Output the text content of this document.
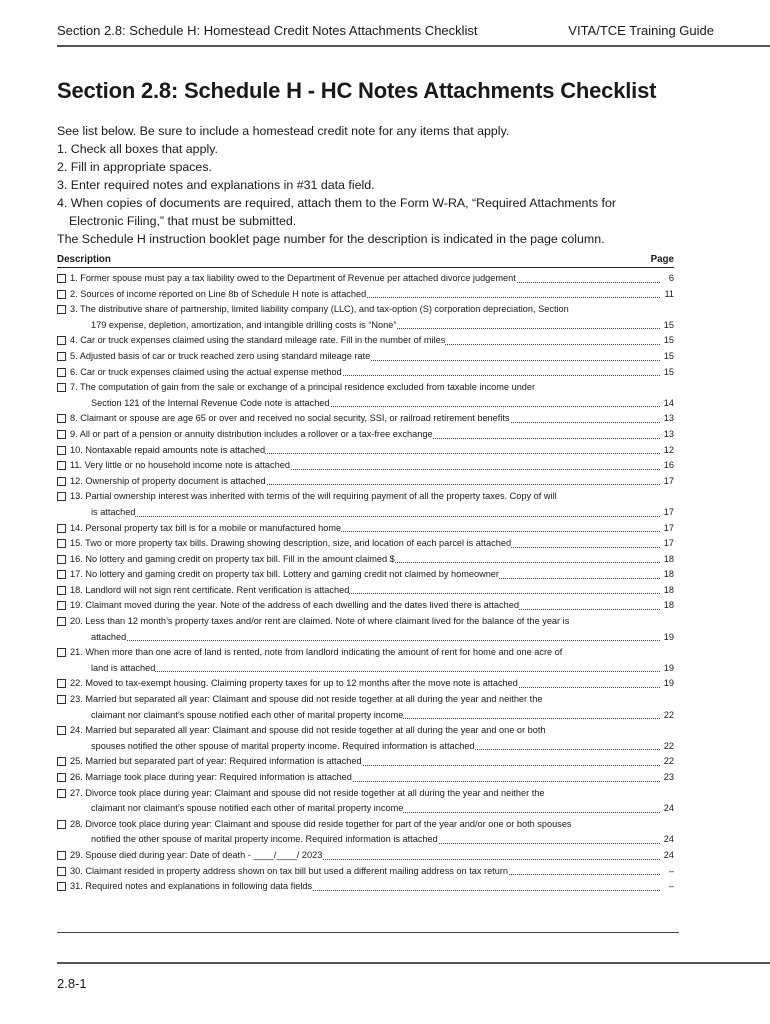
Section 2.8: Schedule H: Homestead Credit Notes Attachments Checklist	VITA/TCE Training Guide
Section 2.8: Schedule H - HC Notes Attachments Checklist
See list below. Be sure to include a homestead credit note for any items that apply.
1. Check all boxes that apply.
2. Fill in appropriate spaces.
3. Enter required notes and explanations in #31 data field.
4. When copies of documents are required, attach them to the Form W-RA, “Required Attachments for
Electronic Filing,” that must be submitted.
The Schedule H instruction booklet page number for the description is indicated in the page column.
Description	Page
1. Former spouse must pay a tax liability owed to the Department of Revenue per attached divorce judgement	6
2. Sources of income reported on Line 8b of Schedule H note is attached	11
3. The distributive share of partnership, limited liability company (LLC), and tax-option (S) corporation depreciation, Section
179 expense, depletion, amortization, and intangible drilling costs is “None”	15
4. Car or truck expenses claimed using the standard mileage rate. Fill in the number of miles	15
5. Adjusted basis of car or truck reached zero using standard mileage rate	15
6. Car or truck expenses claimed using the actual expense method	15
7. The computation of gain from the sale or exchange of a principal residence excluded from taxable income under
Section 121 of the Internal Revenue Code note is attached	14
8. Claimant or spouse are age 65 or over and received no social security, SSI, or railroad retirement benefits	13
9. All or part of a pension or annuity distribution includes a rollover or a tax-free exchange	13
10. Nontaxable repaid amounts note is attached	12
11. Very little or no household income note is attached	16
12. Ownership of property document is attached	17
13. Partial ownership interest was inherited with terms of the will requiring payment of all the property taxes. Copy of will
is attached	17
14. Personal property tax bill is for a mobile or manufactured home	17
15. Two or more property tax bills. Drawing showing description, size, and location of each parcel is attached	17
16. No lottery and gaming credit on property tax bill. Fill in the amount claimed $	18
17. No lottery and gaming credit on property tax bill. Lottery and gaming credit not claimed by homeowner	18
18. Landlord will not sign rent certificate. Rent verification is attached	18
19. Claimant moved during the year. Note of the address of each dwelling and the dates lived there is attached	18
20. Less than 12 month’s property taxes and/or rent are claimed. Note of where claimant lived for the balance of the year is
attached	19
21. When more than one acre of land is rented, note from landlord indicating the amount of rent for home and one acre of
land is attached	19
22. Moved to tax-exempt housing. Claiming property taxes for up to 12 months after the move note is attached	19
23. Married but separated all year: Claimant and spouse did not reside together at all during the year and neither the
claimant nor claimant’s spouse notified each other of marital property income	22
24. Married but separated all year: Claimant and spouse did not reside together at all during the year and one or both
spouses notified the other spouse of marital property income. Required information is attached	22
25. Married but separated part of year: Required information is attached	22
26. Marriage took place during year: Required information is attached	23
27. Divorce took place during year: Claimant and spouse did not reside together at all during the year and neither the
claimant nor claimant’s spouse notified each other of marital property income	24
28. Divorce took place during year: Claimant and spouse did reside together for part of the year and/or one or both spouses
notified the other spouse of marital property income. Required information is attached	24
29. Spouse died during year: Date of death - ____/____/ 2023	24
30. Claimant resided in property address shown on tax bill but used a different mailing address on tax return	–
31. Required notes and explanations in following data fields	–
2.8-1
